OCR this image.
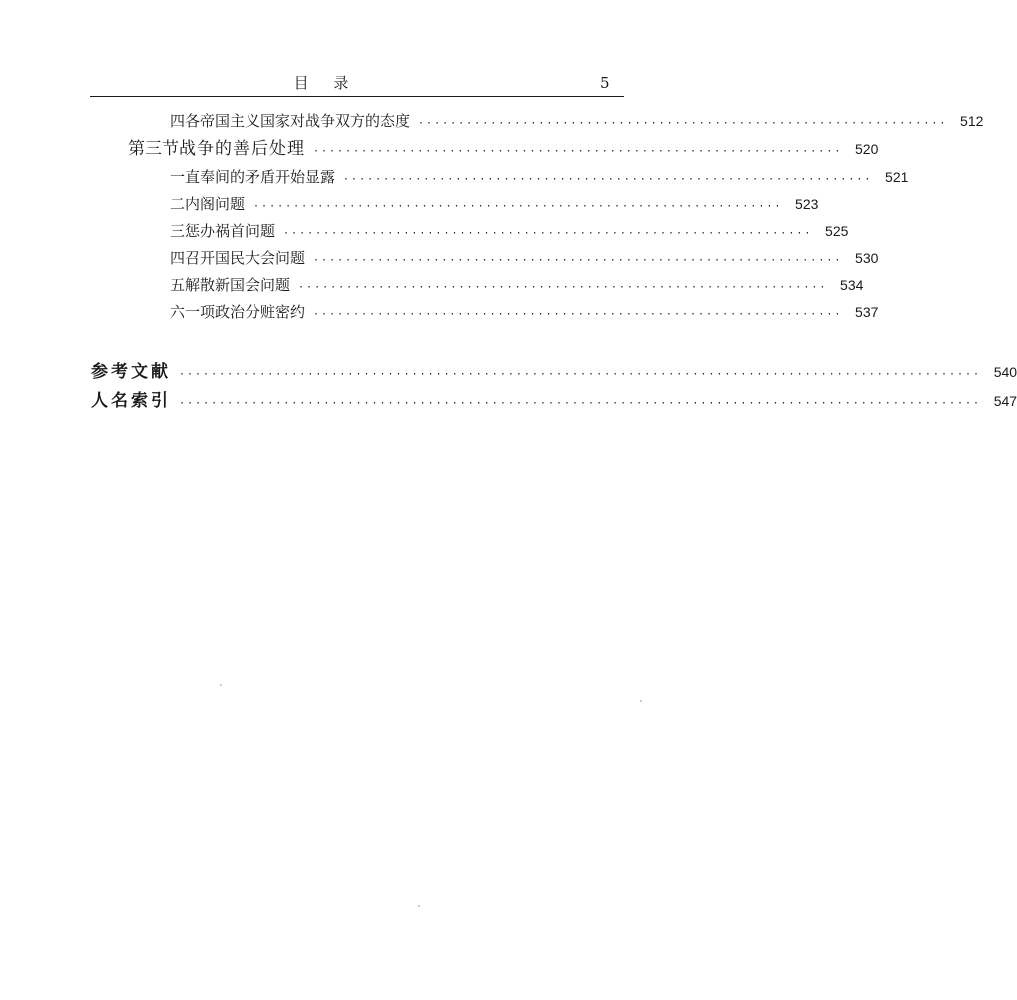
目 录	5
四 各帝国主义国家对战争双方的态度 ·································································· 512
第三节 战争的善后处理 ·································································· 520
一 直奉间的矛盾开始显露 ·································································· 521
二 内阁问题 ·································································· 523
三 惩办祸首问题 ·································································· 525
四 召开国民大会问题 ·································································· 530
五 解散新国会问题 ·································································· 534
六 一项政治分赃密约 ·································································· 537
参考文献 ···································································································· 540
人名索引 ···································································································· 547
